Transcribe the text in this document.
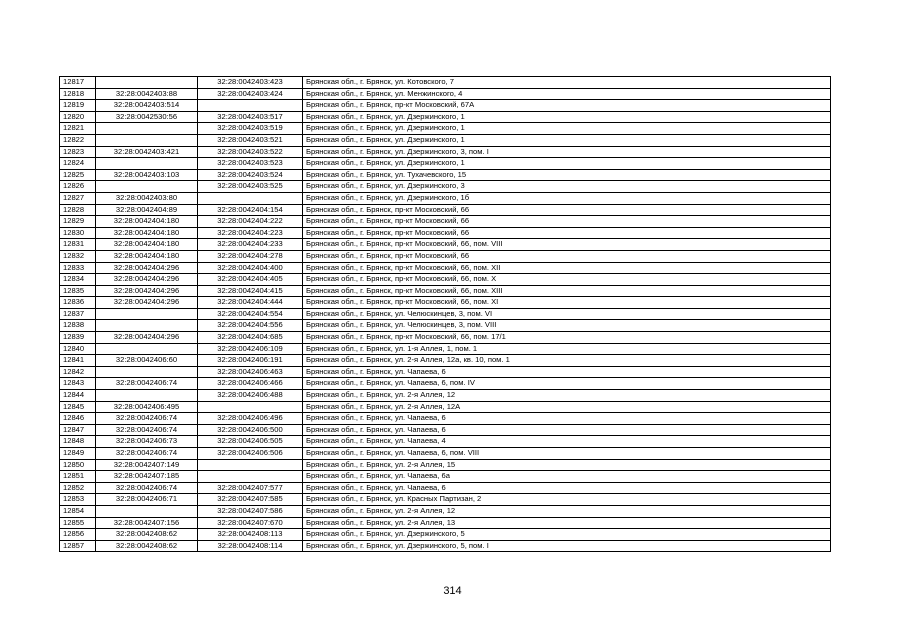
12817		32:28:0042403:423	Брянская обл., г. Брянск, ул. Котовского, 7
12818	32:28:0042403:88	32:28:0042403:424	Брянская обл., г. Брянск, ул. Менжинского, 4
12819	32:28:0042403:514		Брянская обл., г. Брянск, пр-кт Московский, 67А
12820	32:28:0042530:56	32:28:0042403:517	Брянская обл., г. Брянск, ул. Дзержинского, 1
12821		32:28:0042403:519	Брянская обл., г. Брянск, ул. Дзержинского, 1
12822		32:28:0042403:521	Брянская обл., г. Брянск, ул. Дзержинского, 1
12823	32:28:0042403:421	32:28:0042403:522	Брянская обл., г. Брянск, ул. Дзержинского, 3, пом. I
12824		32:28:0042403:523	Брянская обл., г. Брянск, ул. Дзержинского, 1
12825	32:28:0042403:103	32:28:0042403:524	Брянская обл., г. Брянск, ул. Тухачевского, 15
12826		32:28:0042403:525	Брянская обл., г. Брянск, ул. Дзержинского, 3
12827	32:28:0042403:80		Брянская обл., г. Брянск, ул. Дзержинского, 1б
12828	32:28:0042404:89	32:28:0042404:154	Брянская обл., г. Брянск, пр-кт Московский, 66
12829	32:28:0042404:180	32:28:0042404:222	Брянская обл., г. Брянск, пр-кт Московский, 66
12830	32:28:0042404:180	32:28:0042404:223	Брянская обл., г. Брянск, пр-кт Московский, 66
12831	32:28:0042404:180	32:28:0042404:233	Брянская обл., г. Брянск, пр-кт Московский, 66, пом. VIII
12832	32:28:0042404:180	32:28:0042404:278	Брянская обл., г. Брянск, пр-кт Московский, 66
12833	32:28:0042404:296	32:28:0042404:400	Брянская обл., г. Брянск, пр-кт Московский, 66, пом. XII
12834	32:28:0042404:296	32:28:0042404:405	Брянская обл., г. Брянск, пр-кт Московский, 66, пом. X
12835	32:28:0042404:296	32:28:0042404:415	Брянская обл., г. Брянск, пр-кт Московский, 66, пом. XIII
12836	32:28:0042404:296	32:28:0042404:444	Брянская обл., г. Брянск, пр-кт Московский, 66, пом. XI
12837		32:28:0042404:554	Брянская обл., г. Брянск, ул. Челюскинцев, 3, пом. VI
12838		32:28:0042404:556	Брянская обл., г. Брянск, ул. Челюскинцев, 3, пом. VIII
12839	32:28:0042404:296	32:28:0042404:685	Брянская обл., г. Брянск, пр-кт Московский, 66, пом. 17/1
12840		32:28:0042406:109	Брянская обл., г. Брянск, ул. 1-я Аллея, 1, пом. 1
12841	32:28:0042406:60	32:28:0042406:191	Брянская обл., г. Брянск, ул. 2-я Аллея, 12а, кв. 10, пом. 1
12842		32:28:0042406:463	Брянская обл., г. Брянск, ул. Чапаева, 6
12843	32:28:0042406:74	32:28:0042406:466	Брянская обл., г. Брянск, ул. Чапаева, 6, пом. IV
12844		32:28:0042406:488	Брянская обл., г. Брянск, ул. 2-я Аллея, 12
12845	32:28:0042406:495		Брянская обл., г. Брянск, ул. 2-я Аллея, 12А
12846	32:28:0042406:74	32:28:0042406:496	Брянская обл., г. Брянск, ул. Чапаева, 6
12847	32:28:0042406:74	32:28:0042406:500	Брянская обл., г. Брянск, ул. Чапаева, 6
12848	32:28:0042406:73	32:28:0042406:505	Брянская обл., г. Брянск, ул. Чапаева, 4
12849	32:28:0042406:74	32:28:0042406:506	Брянская обл., г. Брянск, ул. Чапаева, 6, пом. VIII
12850	32:28:0042407:149		Брянская обл., г. Брянск, ул. 2-я Аллея, 15
12851	32:28:0042407:185		Брянская обл., г. Брянск, ул. Чапаева, 6а
12852	32:28:0042406:74	32:28:0042407:577	Брянская обл., г. Брянск, ул. Чапаева, 6
12853	32:28:0042406:71	32:28:0042407:585	Брянская обл., г. Брянск, ул. Красных Партизан, 2
12854		32:28:0042407:586	Брянская обл., г. Брянск, ул. 2-я Аллея, 12
12855	32:28:0042407:156	32:28:0042407:670	Брянская обл., г. Брянск, ул. 2-я Аллея, 13
12856	32:28:0042408:62	32:28:0042408:113	Брянская обл., г. Брянск, ул. Дзержинского, 5
12857	32:28:0042408:62	32:28:0042408:114	Брянская обл., г. Брянск, ул. Дзержинского, 5, пом. I
314
